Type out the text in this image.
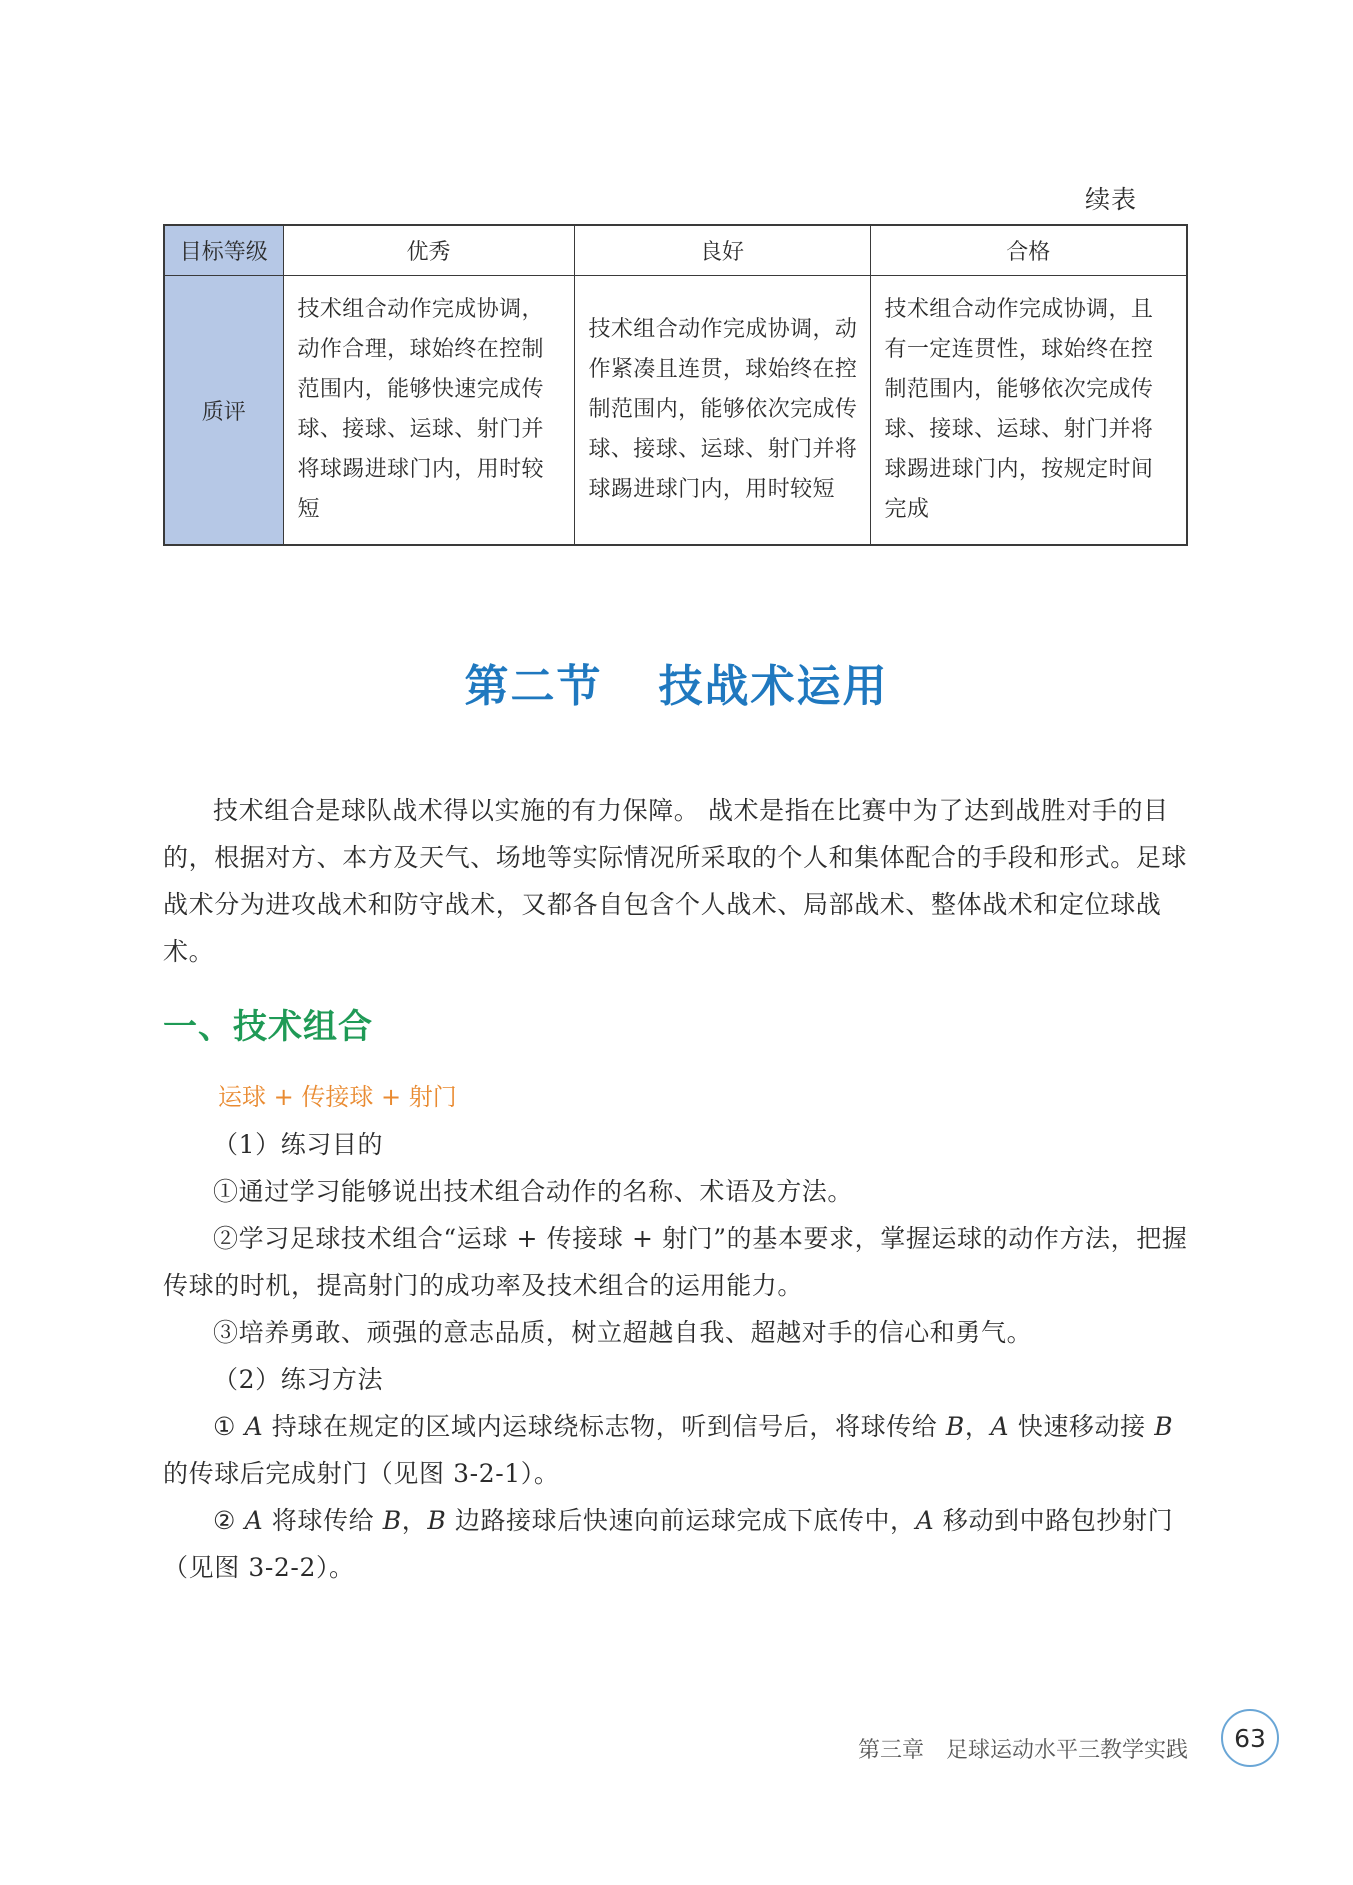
续表
目标等级	优秀	良好	合格
质评	技术组合动作完成协调，动作合理，球始终在控制范围内，能够快速完成传球、接球、运球、射门并将球踢进球门内，用时较短	技术组合动作完成协调，动作紧凑且连贯，球始终在控制范围内，能够依次完成传球、接球、运球、射门并将球踢进球门内，用时较短	技术组合动作完成协调，且有一定连贯性，球始终在控制范围内，能够依次完成传球、接球、运球、射门并将球踢进球门内，按规定时间完成
第二节 技战术运用

技术组合是球队战术得以实施的有力保障。 战术是指在比赛中为了达到战胜对手的目的，根据对方、本方及天气、场地等实际情况所采取的个人和集体配合的手段和形式。足球战术分为进攻战术和防守战术，又都各自包含个人战术、局部战术、整体战术和定位球战术。

一、技术组合
运球 + 传接球 + 射门

（1）练习目的

①通过学习能够说出技术组合动作的名称、术语及方法。

②学习足球技术组合“运球 + 传接球 + 射门”的基本要求，掌握运球的动作方法，把握传球的时机，提高射门的成功率及技术组合的运用能力。

③培养勇敢、顽强的意志品质，树立超越自我、超越对手的信心和勇气。

（2）练习方法

① A 持球在规定的区域内运球绕标志物，听到信号后，将球传给 B，A 快速移动接 B 的传球后完成射门（见图 3-2-1）。

② A 将球传给 B，B 边路接球后快速向前运球完成下底传中，A 移动到中路包抄射门（见图 3-2-2）。

第三章　足球运动水平三教学实践	63
